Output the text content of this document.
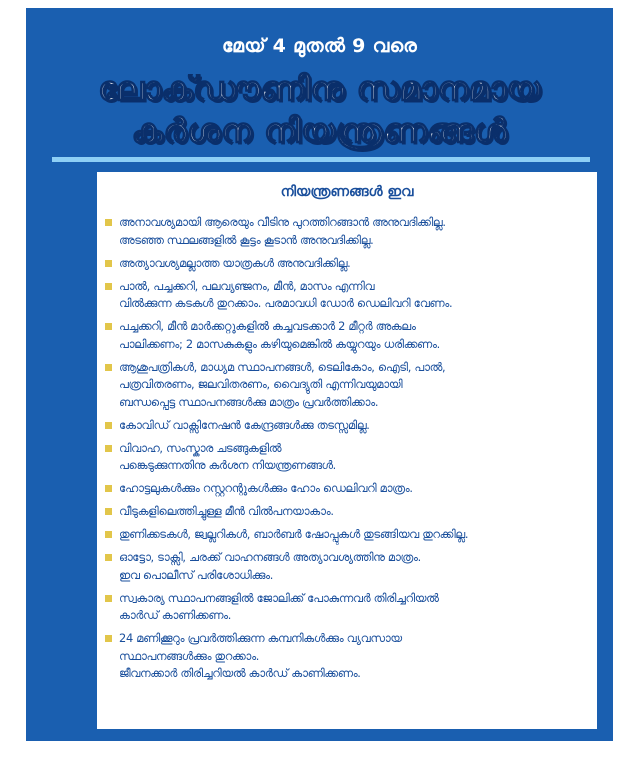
മേയ് 4 മുതൽ 9 വരെ
ലോക്ഡൗണിനു സമാനമായ
കർശന നിയന്ത്രണങ്ങൾ
നിയന്ത്രണങ്ങൾ ഇവ
അനാവശ്യമായി ആരെയും വീടിനു പുറത്തിറങ്ങാൻ അനുവദിക്കില്ല.
അടഞ്ഞ സ്ഥലങ്ങളിൽ കൂട്ടം കൂടാൻ അനുവദിക്കില്ല.
അത്യാവശ്യമല്ലാത്ത യാത്രകൾ അനുവദിക്കില്ല.
പാൽ, പച്ചക്കറി, പലവ്യഞ്ജനം, മീൻ, മാസം എന്നിവ
വിൽക്കുന്ന കടകൾ തുറക്കാം. പരമാവധി ഡോർ ഡെലിവറി വേണം.
പച്ചക്കറി, മീൻ മാർക്കറ്റുകളിൽ കച്ചവടക്കാർ 2 മീറ്റർ അകലം
പാലിക്കണം; 2 മാസകുകളും കഴിയുമെങ്കിൽ കയ്യുറയും ധരിക്കണം.
ആശുപത്രികൾ, മാധ്യമ സ്ഥാപനങ്ങൾ, ടെലികോം, ഐടി, പാൽ,
പത്രവിതരണം, ജലവിതരണം, വൈദ്യുതി എന്നിവയുമായി
ബന്ധപ്പെട്ട സ്ഥാപനങ്ങൾക്കു മാത്രം പ്രവർത്തിക്കാം.
കോവിഡ് വാക്സിനേഷൻ കേന്ദ്രങ്ങൾക്കു തടസ്സമില്ല.
വിവാഹ, സംസ്കാര ചടങ്ങുകളിൽ
പങ്കെടുക്കുന്നതിനു കർശന നിയന്ത്രണങ്ങൾ.
ഹോട്ടലുകൾക്കും റസ്റ്ററന്റുകൾക്കും ഹോം ഡെലിവറി മാത്രം.
വീടുകളിലെത്തിച്ചുള്ള മീൻ വിൽപനയാകാം.
തുണിക്കടകൾ, ജ്വല്ലറികൾ, ബാർബർ ഷോപ്പുകൾ തുടങ്ങിയവ തുറക്കില്ല.
ഓട്ടോ, ടാക്സി, ചരക്ക് വാഹനങ്ങൾ അത്യാവശ്യത്തിനു മാത്രം.
ഇവ പൊലീസ് പരിശോധിക്കും.
സ്വകാര്യ സ്ഥാപനങ്ങളിൽ ജോലിക്ക് പോകുന്നവർ തിരിച്ചറിയൽ
കാർഡ് കാണിക്കണം.
24 മണിക്കൂറും പ്രവർത്തിക്കുന്ന കമ്പനികൾക്കും വ്യവസായ
സ്ഥാപനങ്ങൾക്കും തുറക്കാം.
ജീവനക്കാർ തിരിച്ചറിയൽ കാർഡ് കാണിക്കണം.
